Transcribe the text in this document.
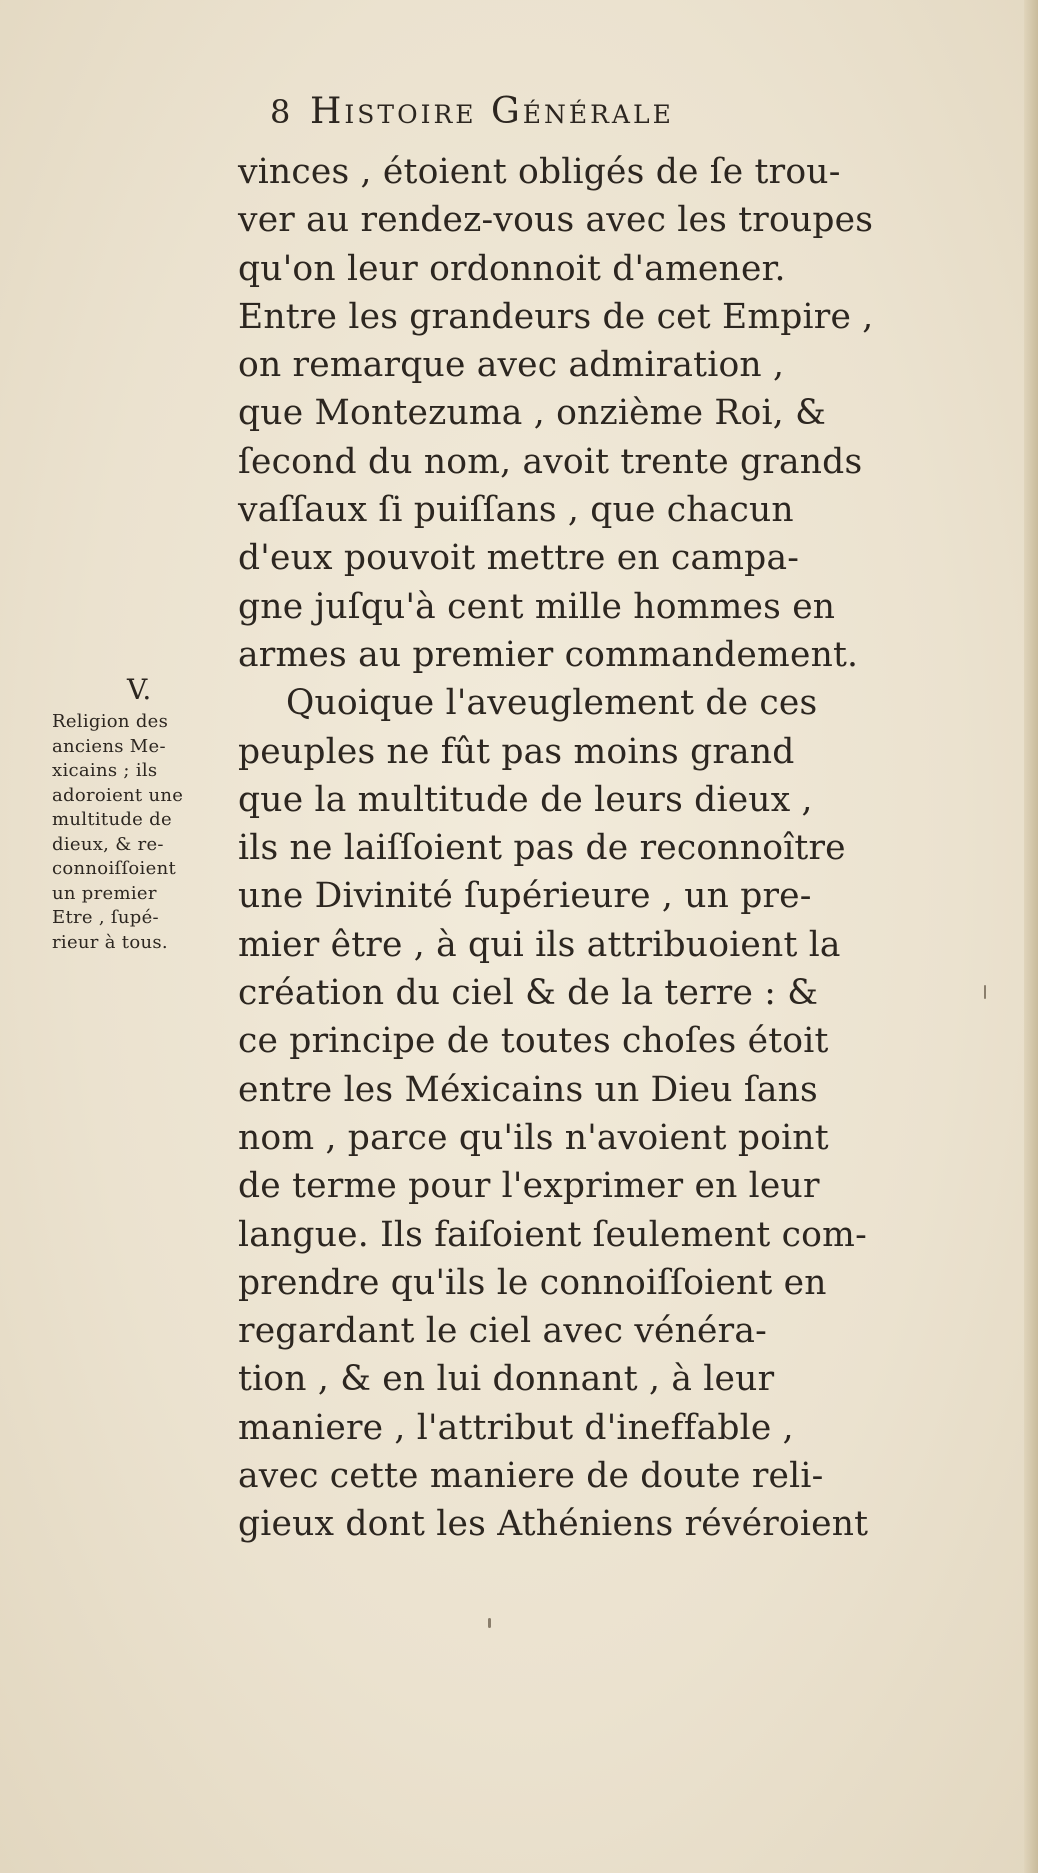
8 Histoire Générale
V.
Religion des
anciens Me-
xicains ; ils
adoroient une
multitude de
dieux, & re-
connoiſſoient
un premier
Etre , ſupé-
rieur à tous.
vinces , étoient obligés de ſe trou-
ver au rendez-vous avec les troupes
qu'on leur ordonnoit d'amener.
Entre les grandeurs de cet Empire ,
on remarque avec admiration ,
que Montezuma , onzième Roi, &
ſecond du nom, avoit trente grands
vaſſaux ſi puiſſans , que chacun
d'eux pouvoit mettre en campa-
gne juſqu'à cent mille hommes en
armes au premier commandement.
Quoique l'aveuglement de ces
peuples ne fût pas moins grand
que la multitude de leurs dieux ,
ils ne laiſſoient pas de reconnoître
une Divinité ſupérieure , un pre-
mier être , à qui ils attribuoient la
création du ciel & de la terre : &
ce principe de toutes choſes étoit
entre les Méxicains un Dieu ſans
nom , parce qu'ils n'avoient point
de terme pour l'exprimer en leur
langue. Ils faiſoient ſeulement com-
prendre qu'ils le connoiſſoient en
regardant le ciel avec vénéra-
tion , & en lui donnant , à leur
maniere , l'attribut d'ineffable ,
avec cette maniere de doute reli-
gieux dont les Athéniens révéroient
